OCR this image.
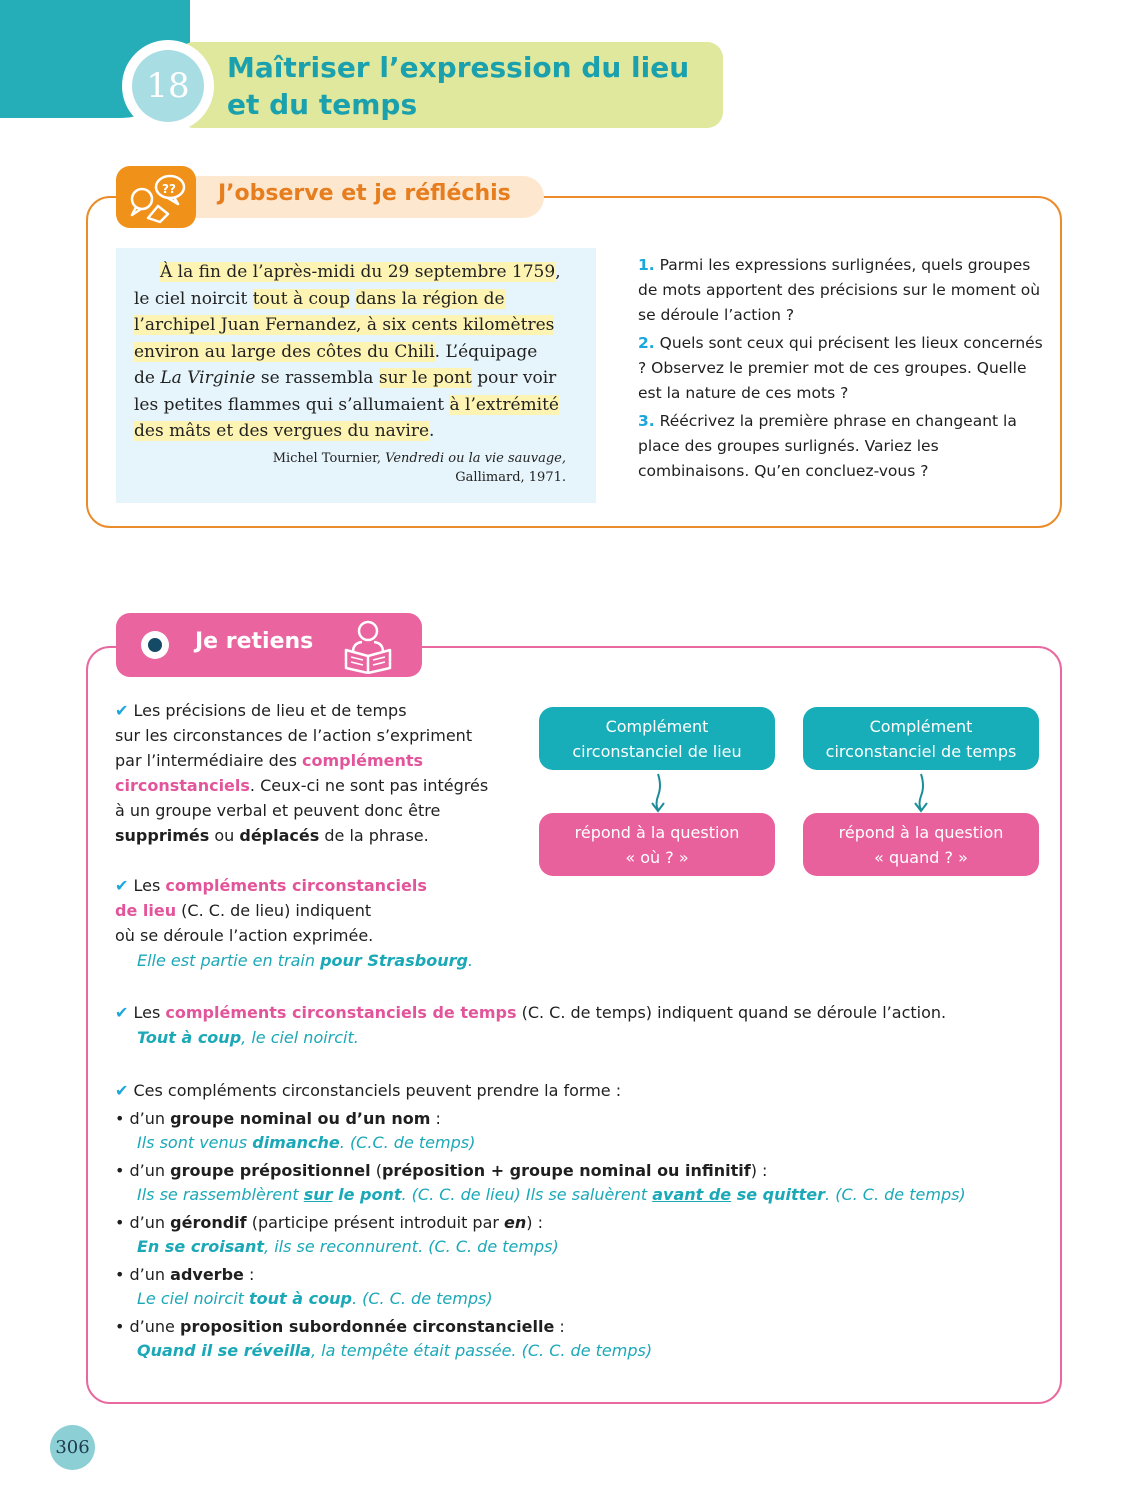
18	Maîtriser l’expression du lieu
et du temps
?? J’observe et je réfléchis
À la fin de l’après-midi du 29 septembre 1759,
le ciel noircit tout à coup dans la région de
l’archipel Juan Fernandez, à six cents kilomètres
environ au large des côtes du Chili. L’équipage
de La Virginie se rassembla sur le pont pour voir
les petites flammes qui s’allumaient à l’extrémité
des mâts et des vergues du navire.
Michel Tournier, Vendredi ou la vie sauvage,
Gallimard, 1971.

1. Parmi les expressions surlignées, quels groupes de mots apportent des précisions sur le moment où se déroule l’action ?

2. Quels sont ceux qui précisent les lieux concernés ? Observez le premier mot de ces groupes. Quelle est la nature de ces mots ?

3. Réécrivez la première phrase en changeant la place des groupes surlignés. Variez les combinaisons. Qu’en concluez-vous ?

Je retiens
✔ Les précisions de lieu et de temps
sur les circonstances de l’action s’expriment
par l’intermédiaire des compléments
circonstanciels. Ceux-ci ne sont pas intégrés
à un groupe verbal et peuvent donc être
supprimés ou déplacés de la phrase.
✔ Les compléments circonstanciels
de lieu (C. C. de lieu) indiquent
où se déroule l’action exprimée.
Elle est partie en train pour Strasbourg.
✔ Les compléments circonstanciels de temps (C. C. de temps) indiquent quand se déroule l’action.
Tout à coup, le ciel noircit.
✔ Ces compléments circonstanciels peuvent prendre la forme :
• d’un groupe nominal ou d’un nom :
Ils sont venus dimanche. (C.C. de temps)
• d’un groupe prépositionnel (préposition + groupe nominal ou infinitif) :
Ils se rassemblèrent sur le pont. (C. C. de lieu) Ils se saluèrent avant de se quitter. (C. C. de temps)
• d’un gérondif (participe présent introduit par en) :
En se croisant, ils se reconnurent. (C. C. de temps)
• d’un adverbe :
Le ciel noircit tout à coup. (C. C. de temps)
• d’une proposition subordonnée circonstancielle :
Quand il se réveilla, la tempête était passée. (C. C. de temps)
Complément
circonstanciel de lieu
Complément
circonstanciel de temps
répond à la question
« où ? »
répond à la question
« quand ? »
306
